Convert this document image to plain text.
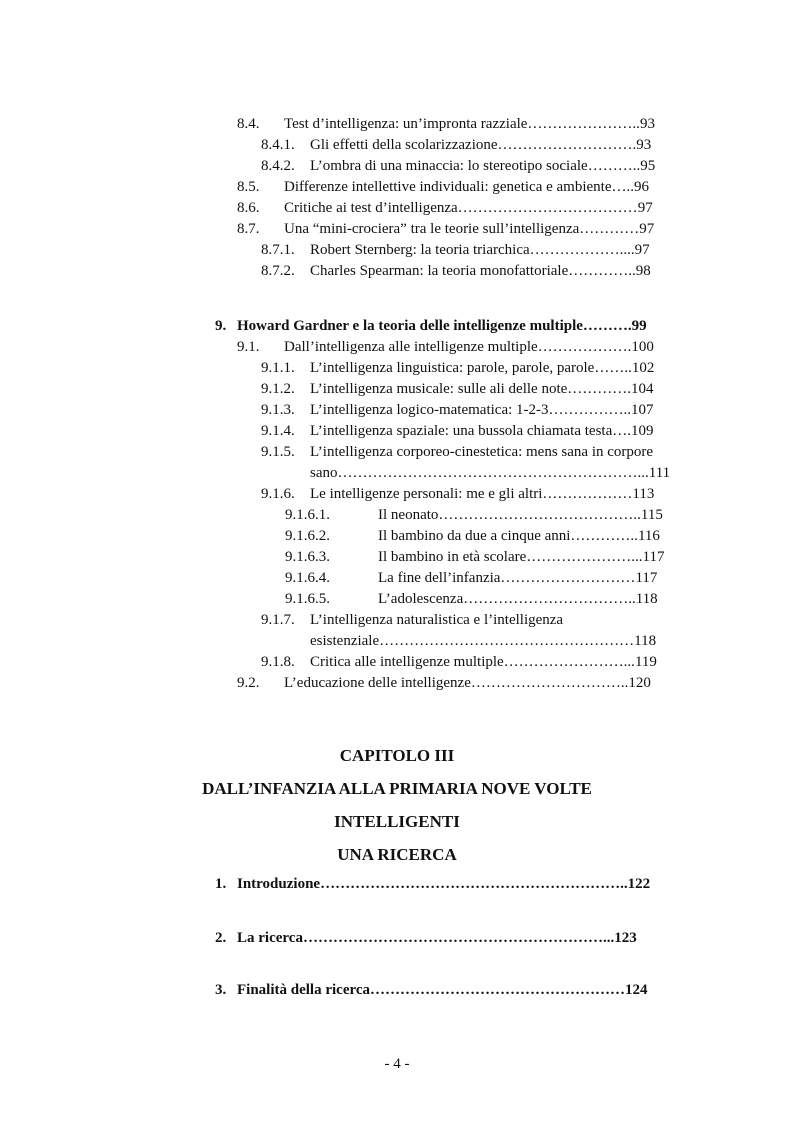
8.4. Test d’intelligenza: un’impronta razziale…………………..93
8.4.1. Gli effetti della scolarizzazione……………………….93
8.4.2. L’ombra di una minaccia: lo stereotipo sociale………..95
8.5. Differenze intellettive individuali: genetica e ambiente…..96
8.6. Critiche ai test d’intelligenza………………………………97
8.7. Una “mini-crociera” tra le teorie sull’intelligenza…………97
8.7.1. Robert Sternberg: la teoria triarchica………………....97
8.7.2. Charles Spearman: la teoria monofattoriale…………..98
9. Howard Gardner e la teoria delle intelligenze multiple……….99
9.1. Dall’intelligenza alle intelligenze multiple……………….100
9.1.1. L’intelligenza linguistica: parole, parole, parole……..102
9.1.2. L’intelligenza musicale: sulle ali delle note………….104
9.1.3. L’intelligenza logico-matematica: 1-2-3……………..107
9.1.4. L’intelligenza spaziale: una bussola chiamata testa….109
9.1.5. L’intelligenza corporeo-cinestetica: mens sana in corpore
sano……………………………………………………...111
9.1.6. Le intelligenze personali: me e gli altri………………113
9.1.6.1.	Il neonato…………………………………..115
9.1.6.2.	Il bambino da due a cinque anni…………..116
9.1.6.3.	Il bambino in età scolare…………………...117
9.1.6.4.	La fine dell’infanzia………………………117
9.1.6.5.	L’adolescenza……………………………..118
9.1.7. L’intelligenza naturalistica e l’intelligenza
esistenziale……………………………………………118
9.1.8. Critica alle intelligenze multiple……………………...119
9.2. L’educazione delle intelligenze…………………………..120
CAPITOLO III
DALL’INFANZIA ALLA PRIMARIA NOVE VOLTE
INTELLIGENTI
UNA RICERCA
1. Introduzione……………………………………………………..122
2. La ricerca……………………………………………………...123
3. Finalità della ricerca……………………………………………124
- 4 -
